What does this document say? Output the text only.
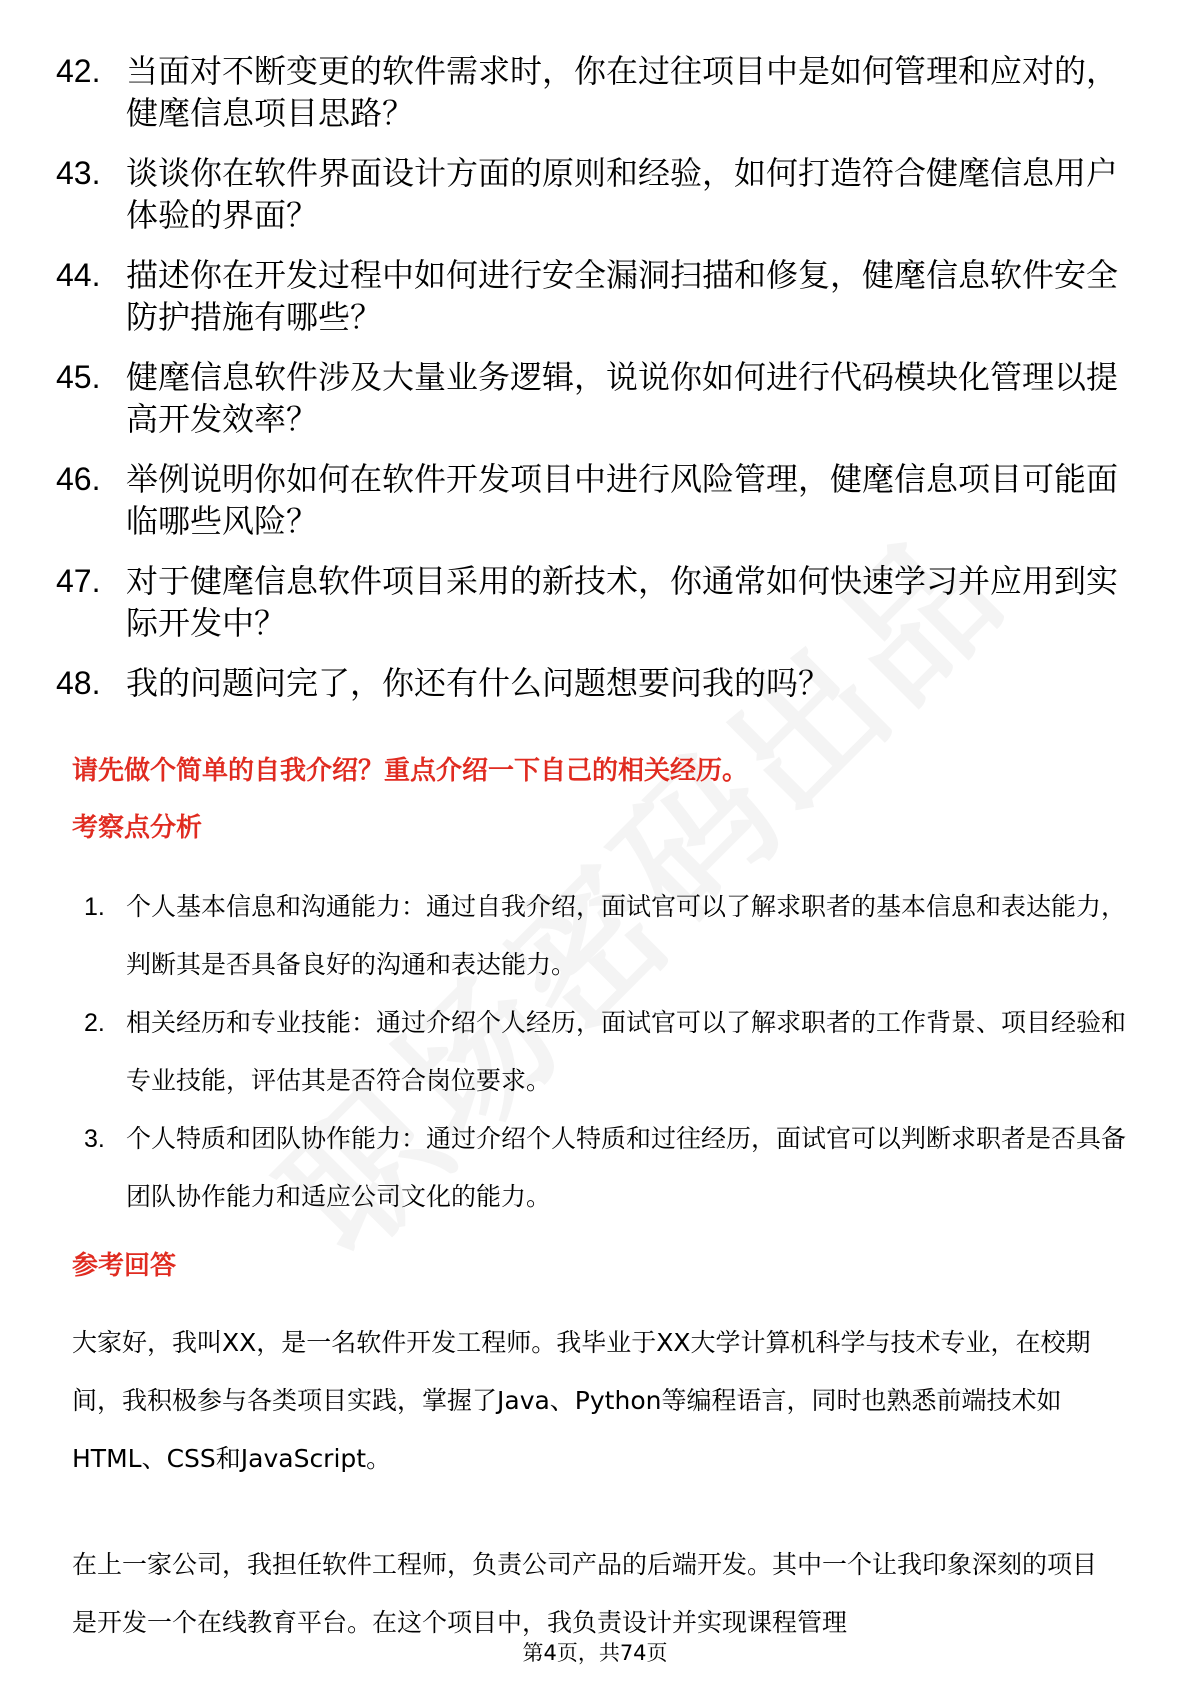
42. 当面对不断变更的软件需求时，你在过往项目中是如何管理和应对的，健麾信息项目思路？
43. 谈谈你在软件界面设计方面的原则和经验，如何打造符合健麾信息用户体验的界面？
44. 描述你在开发过程中如何进行安全漏洞扫描和修复，健麾信息软件安全防护措施有哪些？
45. 健麾信息软件涉及大量业务逻辑，说说你如何进行代码模块化管理以提高开发效率？
46. 举例说明你如何在软件开发项目中进行风险管理，健麾信息项目可能面临哪些风险？
47. 对于健麾信息软件项目采用的新技术，你通常如何快速学习并应用到实际开发中？
48. 我的问题问完了，你还有什么问题想要问我的吗？
请先做个简单的自我介绍？重点介绍一下自己的相关经历。
考察点分析
1. 个人基本信息和沟通能力：通过自我介绍，面试官可以了解求职者的基本信息和表达能力，判断其是否具备良好的沟通和表达能力。
2. 相关经历和专业技能：通过介绍个人经历，面试官可以了解求职者的工作背景、项目经验和专业技能，评估其是否符合岗位要求。
3. 个人特质和团队协作能力：通过介绍个人特质和过往经历，面试官可以判断求职者是否具备团队协作能力和适应公司文化的能力。
参考回答

大家好，我叫XX，是一名软件开发工程师。我毕业于XX大学计算机科学与技术专业，在校期间，我积极参与各类项目实践，掌握了Java、Python等编程语言，同时也熟悉前端技术如HTML、CSS和JavaScript。

在上一家公司，我担任软件工程师，负责公司产品的后端开发。其中一个让我印象深刻的项目是开发一个在线教育平台。在这个项目中，我负责设计并实现课程管理

第4页，共74页
